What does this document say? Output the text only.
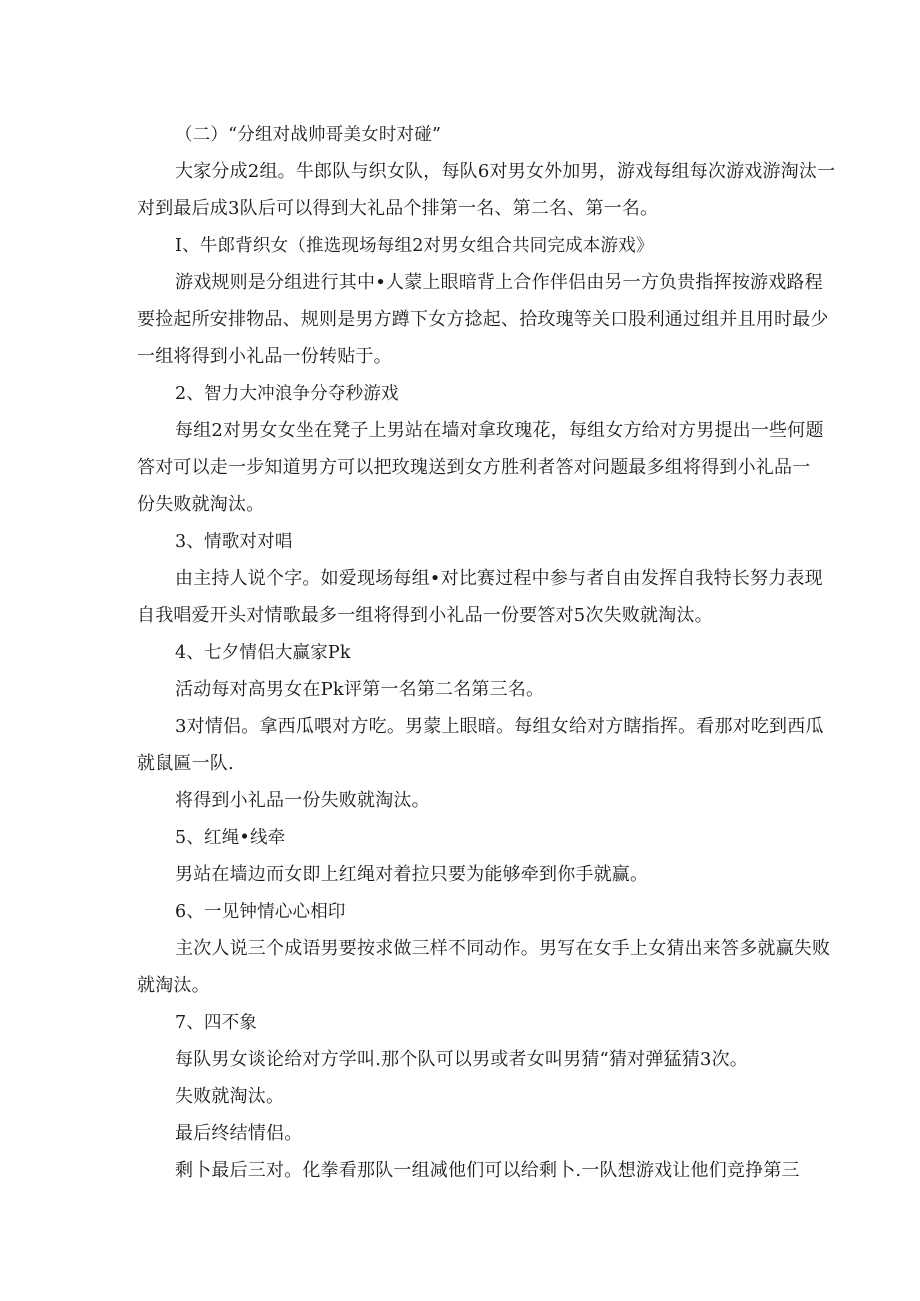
（二）“分组对战帅哥美女时对碰”
大家分成2组。牛郎队与织女队，每队6对男女外加男，游戏每组每次游戏游淘汰一
对到最后成3队后可以得到大礼品个排第一名、第二名、第一名。
I、牛郎背织女（推选现场每组2对男女组合共同完成本游戏》
游戏规则是分组进行其中•人蒙上眼暗背上合作伴侣由另一方负贵指挥按游戏路程
要捡起所安排物品、规则是男方蹲下女方捻起、拾玫瑰等关口股利通过组并且用时最少
一组将得到小礼品一份转贴于。
2、智力大冲浪争分夺秒游戏
每组2对男女女坐在凳子上男站在墙对拿玫瑰花，每组女方给对方男提出一些何题
答对可以走一步知道男方可以把玫瑰送到女方胜利者答对问题最多组将得到小礼品一
份失败就淘汰。
3、情歌对对唱
由主持人说个字。如爱现场每组•对比赛过程中参与者自由发挥自我特长努力表现
自我唱爱开头对情歌最多一组将得到小礼品一份要答对5次失败就淘汰。
4、七夕情侣大赢家Pk
活动每对高男女在Pk评第一名第二名第三名。
3对情侣。拿西瓜喂对方吃。男蒙上眼暗。每组女给对方瞎指挥。看那对吃到西瓜
就鼠匾一队.
将得到小礼品一份失败就淘汰。
5、红绳•线牵
男站在墙边而女即上红绳对着拉只要为能够牵到你手就赢。
6、一见钟情心心相印
主次人说三个成语男要按求做三样不同动作。男写在女手上女猜出来答多就赢失败
就淘汰。
7、四不象
每队男女谈论给对方学叫.那个队可以男或者女叫男猜“猜对弹猛猜3次。
失败就淘汰。
最后终结情侣。
剩卜最后三对。化拳看那队一组减他们可以给剩卜.一队想游戏让他们竞挣第三
